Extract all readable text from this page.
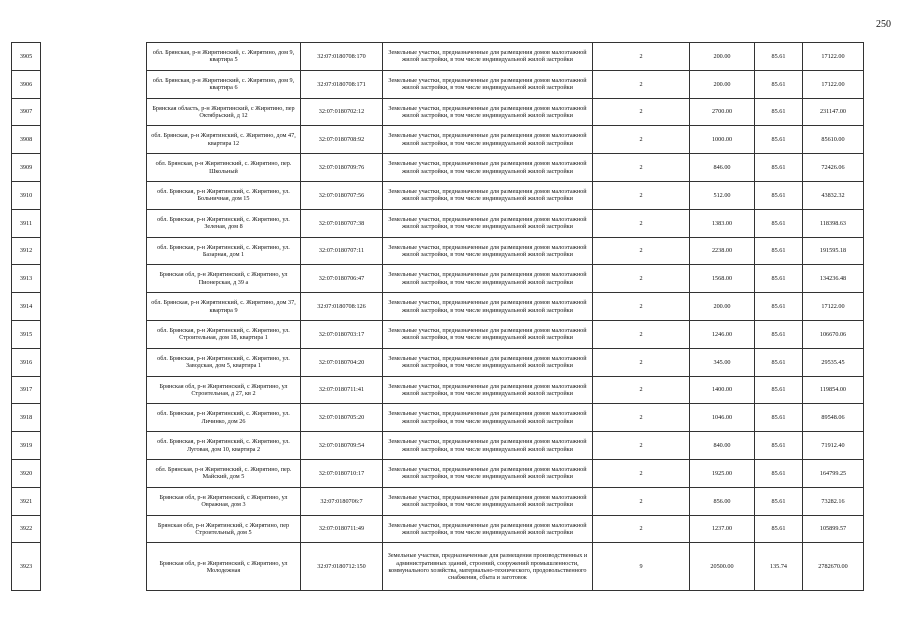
250
3905		обл. Брянская, р-н Жирятинский, с. Жирятино, дом 9, квартира 5	32:07:0180708:170	Земельные участки, предназначенные для размещения домов малоэтажной жилой застройки, в том числе индивидуальной жилой застройки	2	200.00	85.61	17122.00
3906		обл. Брянская, р-н Жирятинский, с. Жирятино, дом 9, квартира 6	32:07:0180708:171	Земельные участки, предназначенные для размещения домов малоэтажной жилой застройки, в том числе индивидуальной жилой застройки	2	200.00	85.61	17122.00
3907		Брянская область, р-н Жирятинский, с Жирятино, пер Октябрьский, д 12	32:07:0180702:12	Земельные участки, предназначенные для размещения домов малоэтажной жилой застройки, в том числе индивидуальной жилой застройки	2	2700.00	85.61	231147.00
3908		обл. Брянская, р-н Жирятинский, с. Жирятино, дом 47, квартира 12	32:07:0180708:92	Земельные участки, предназначенные для размещения домов малоэтажной жилой застройки, в том числе индивидуальной жилой застройки	2	1000.00	85.61	85610.00
3909		обл. Брянская, р-н Жирятинский, с. Жирятино, пер. Школьный	32:07:0180709:76	Земельные участки, предназначенные для размещения домов малоэтажной жилой застройки, в том числе индивидуальной жилой застройки	2	846.00	85.61	72426.06
3910		обл. Брянская, р-н Жирятинский, с. Жирятино, ул. Больничная, дом 15	32:07:0180707:56	Земельные участки, предназначенные для размещения домов малоэтажной жилой застройки, в том числе индивидуальной жилой застройки	2	512.00	85.61	43832.32
3911		обл. Брянская, р-н Жирятинский, с. Жирятино, ул. Зеленая, дом 8	32:07:0180707:38	Земельные участки, предназначенные для размещения домов малоэтажной жилой застройки, в том числе индивидуальной жилой застройки	2	1383.00	85.61	118398.63
3912		обл. Брянская, р-н Жирятинский, с. Жирятино, ул. Базарная, дом 1	32:07:0180707:11	Земельные участки, предназначенные для размещения домов малоэтажной жилой застройки, в том числе индивидуальной жилой застройки	2	2238.00	85.61	191595.18
3913		Брянская обл, р-н Жирятинский, с Жирятино, ул Пионерская, д 39 а	32:07:0180706:47	Земельные участки, предназначенные для размещения домов малоэтажной жилой застройки, в том числе индивидуальной жилой застройки	2	1568.00	85.61	134236.48
3914		обл. Брянская, р-н Жирятинский, с. Жирятино, дом 37, квартира 9	32:07:0180708:126	Земельные участки, предназначенные для размещения домов малоэтажной жилой застройки, в том числе индивидуальной жилой застройки	2	200.00	85.61	17122.00
3915		обл. Брянская, р-н Жирятинский, с. Жирятино, ул. Строительная, дом 18, квартира 1	32:07:0180703:17	Земельные участки, предназначенные для размещения домов малоэтажной жилой застройки, в том числе индивидуальной жилой застройки	2	1246.00	85.61	106670.06
3916		обл. Брянская, р-н Жирятинский, с. Жирятино, ул. Заводская, дом 5, квартира 1	32:07:0180704:20	Земельные участки, предназначенные для размещения домов малоэтажной жилой застройки, в том числе индивидуальной жилой застройки	2	345.00	85.61	29535.45
3917		Брянская обл, р-н Жирятинский, с Жирятино, ул Строительная, д 27, кв 2	32:07:0180711:41	Земельные участки, предназначенные для размещения домов малоэтажной жилой застройки, в том числе индивидуальной жилой застройки	2	1400.00	85.61	119854.00
3918		обл. Брянская, р-н Жирятинский, с. Жирятино, ул. Личинко, дом 26	32:07:0180705:20	Земельные участки, предназначенные для размещения домов малоэтажной жилой застройки, в том числе индивидуальной жилой застройки	2	1046.00	85.61	89548.06
3919		обл. Брянская, р-н Жирятинский, с. Жирятино, ул. Луговая, дом 10, квартира 2	32:07:0180709:54	Земельные участки, предназначенные для размещения домов малоэтажной жилой застройки, в том числе индивидуальной жилой застройки	2	840.00	85.61	71912.40
3920		обл. Брянская, р-н Жирятинский, с. Жирятино, пер. Майский, дом 5	32:07:0180710:17	Земельные участки, предназначенные для размещения домов малоэтажной жилой застройки, в том числе индивидуальной жилой застройки	2	1925.00	85.61	164799.25
3921		Брянская обл, р-н Жирятинский, с Жирятино, ул Овражная, дом 3	32:07:0180706:7	Земельные участки, предназначенные для размещения домов малоэтажной жилой застройки, в том числе индивидуальной жилой застройки	2	856.00	85.61	73282.16
3922		Брянская обл, р-н Жирятинский, с Жирятино, пер Строительный, дом 5	32:07:0180711:49	Земельные участки, предназначенные для размещения домов малоэтажной жилой застройки, в том числе индивидуальной жилой застройки	2	1237.00	85.61	105899.57
3923		Брянская обл, р-н Жирятинский, с Жирятино, ул Молодежная	32:07:0180712:150	Земельные участки, предназначенные для размещения производственных и административных зданий, строений, сооружений промышленности, коммунального хозяйства, материально-технического, продовольственного снабжения, сбыта и заготовок	9	20500.00	135.74	2782670.00
